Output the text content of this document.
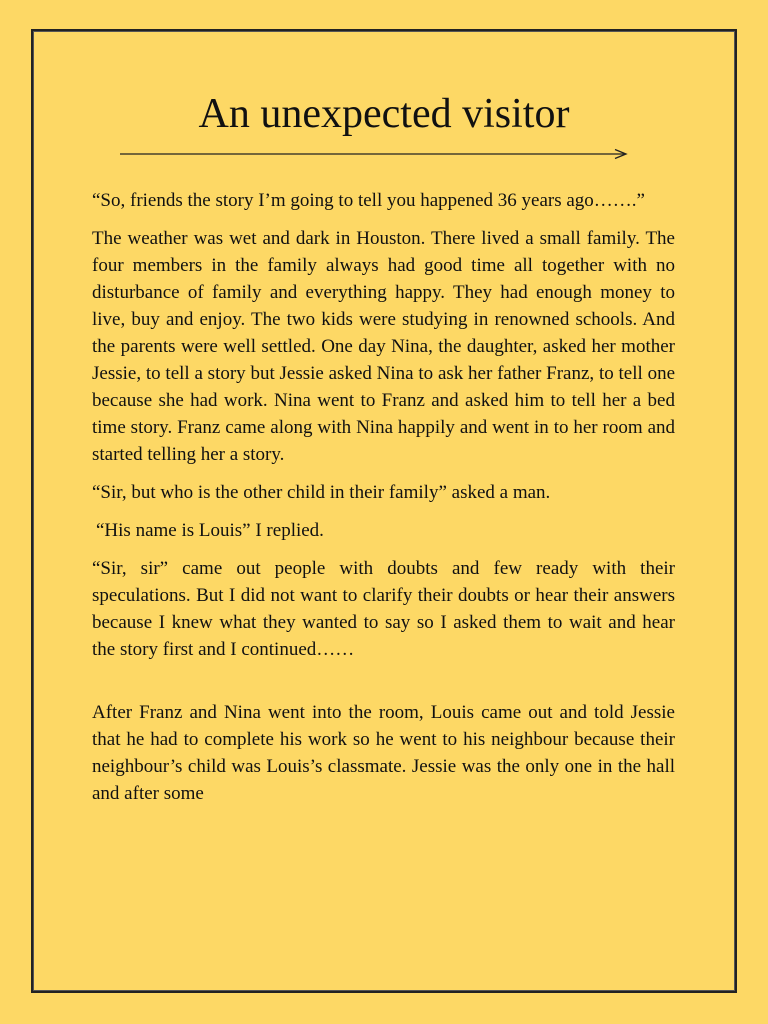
An unexpected visitor

“So, friends the story I’m going to tell you happened 36 years ago…….”

The weather was wet and dark in Houston. There lived a small family. The four members in the family always had good time all together with no disturbance of family and everything happy. They had enough money to live, buy and enjoy. The two kids were studying in renowned schools. And the parents were well settled. One day Nina, the daughter, asked her mother Jessie, to tell a story but Jessie asked Nina to ask her father Franz, to tell one because she had work. Nina went to Franz and asked him to tell her a bed time story. Franz came along with Nina happily and went in to her room and started telling her a story.

“Sir, but who is the other child in their family” asked a man.

“His name is Louis” I replied.

“Sir, sir” came out people with doubts and few ready with their speculations. But I did not want to clarify their doubts or hear their answers because I knew what they wanted to say so I asked them to wait and hear the story first and I continued……

After Franz and Nina went into the room, Louis came out and told Jessie that he had to complete his work so he went to his neighbour because their neighbour’s child was Louis’s classmate. Jessie was the only one in the hall and after some
